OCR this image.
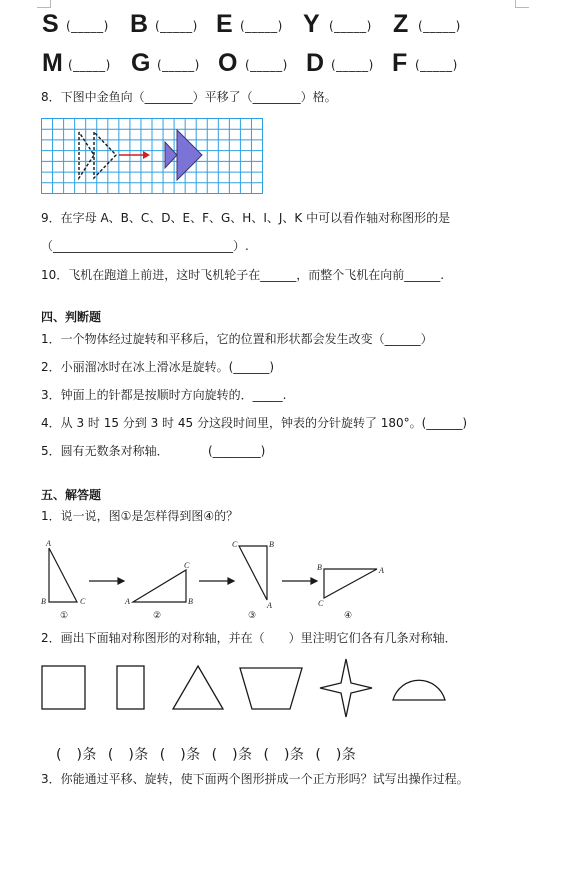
S (_____) B (_____) E (_____) Y (_____) Z (_____)
M (_____) G (_____) O (_____) D (_____) F (_____)
8．下图中金鱼向（________）平移了（________）格。
9．在字母 A、B、C、D、E、F、G、H、I、J、K 中可以看作轴对称图形的是
（______________________________）.
10．飞机在跑道上前进，这时飞机轮子在______，而整个飞机在向前______.
四、判断题
1．一个物体经过旋转和平移后，它的位置和形状都会发生改变（______）
2．小丽溜冰时在冰上滑冰是旋转。(______)
3．钟面上的针都是按顺时方向旋转的．_____.
4．从 3 时 15 分到 3 时 45 分这段时间里，钟表的分针旋转了 180°。(______)
5．圆有无数条对称轴．	(________)
五、解答题
1．说一说，图①是怎样得到图④的？
A
B	C	A
C
B
C	B
A
B	A
C
①	②	③	④
2．画出下面轴对称图形的对称轴，并在（　　）里注明它们各有几条对称轴．
(　)条 (　)条 (　)条 (　)条 (　)条 (　)条
3．你能通过平移、旋转，使下面两个图形拼成一个正方形吗？试写出操作过程。
